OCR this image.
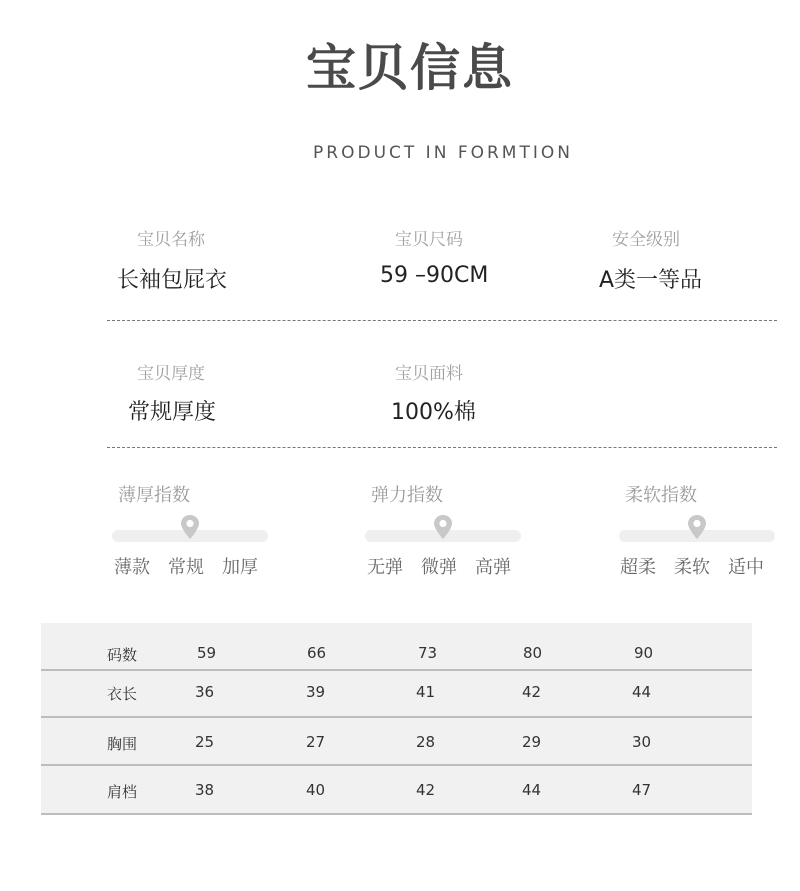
宝贝信息
PRODUCT IN FORMTION
宝贝名称
长袖包屁衣
宝贝尺码
59 –90CM
安全级别
A类一等品
宝贝厚度
常规厚度
宝贝面料
100%棉
薄厚指数	弹力指数	柔软指数
薄款 常规 加厚	无弹 微弹 高弹	超柔 柔软 适中
码数	59	66	73	80	90
衣长	36	39	41	42	44
胸围	25	27	28	29	30
肩档	38	40	42	44	47
